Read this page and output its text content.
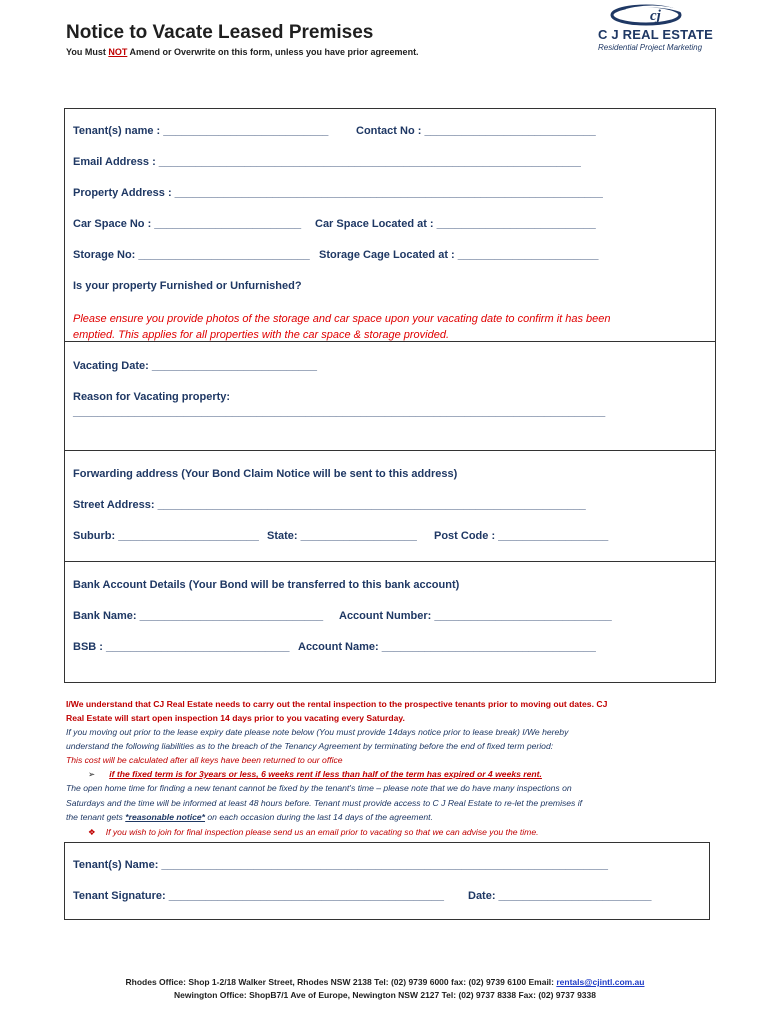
Notice to Vacate Leased Premises
You Must NOT Amend or Overwrite on this form, unless you have prior agreement.
cj
C J REAL ESTATE
Residential Project Marketing
Tenant(s) name : ___________________________	Contact No : ____________________________
Email Address : _____________________________________________________________________
Property Address : ______________________________________________________________________
Car Space No : ________________________ Car Space Located at : __________________________
Storage No: ____________________________ Storage Cage Located at : _______________________
Is your property Furnished or Unfurnished?
Please ensure you provide photos of the storage and car space upon your vacating date to confirm it has been
emptied. This applies for all properties with the car space & storage provided.
Vacating Date: ___________________________
Reason for Vacating property:
_______________________________________________________________________________________
Forwarding address (Your Bond Claim Notice will be sent to this address)
Street Address: ______________________________________________________________________
Suburb: _______________________ State: ___________________ Post Code : __________________
Bank Account Details (Your Bond will be transferred to this bank account)
Bank Name: ______________________________ Account Number: _____________________________
BSB : ______________________________ Account Name: ___________________________________
I/We understand that CJ Real Estate needs to carry out the rental inspection to the prospective tenants prior to moving out dates. CJ
Real Estate will start open inspection 14 days prior to you vacating every Saturday.
If you moving out prior to the lease expiry date please note below (You must provide 14days notice prior to lease break) I/We hereby
understand the following liabilities as to the breach of the Tenancy Agreement by terminating before the end of fixed term period:
This cost will be calculated after all keys have been returned to our office
➢ if the fixed term is for 3years or less, 6 weeks rent if less than half of the term has expired or 4 weeks rent.
The open home time for finding a new tenant cannot be fixed by the tenant's time – please note that we do have many inspections on
Saturdays and the time will be informed at least 48 hours before. Tenant must provide access to C J Real Estate to re-let the premises if
the tenant gets *reasonable notice* on each occasion during the last 14 days of the agreement.
❖ If you wish to join for final inspection please send us an email prior to vacating so that we can advise you the time.
Tenant(s) Name: _________________________________________________________________________
Tenant Signature: _____________________________________________ Date: _________________________
Rhodes Office: Shop 1-2/18 Walker Street, Rhodes NSW 2138 Tel: (02) 9739 6000 fax: (02) 9739 6100 Email: rentals@cjintl.com.au
Newington Office: ShopB7/1 Ave of Europe, Newington NSW 2127 Tel: (02) 9737 8338 Fax: (02) 9737 9338
